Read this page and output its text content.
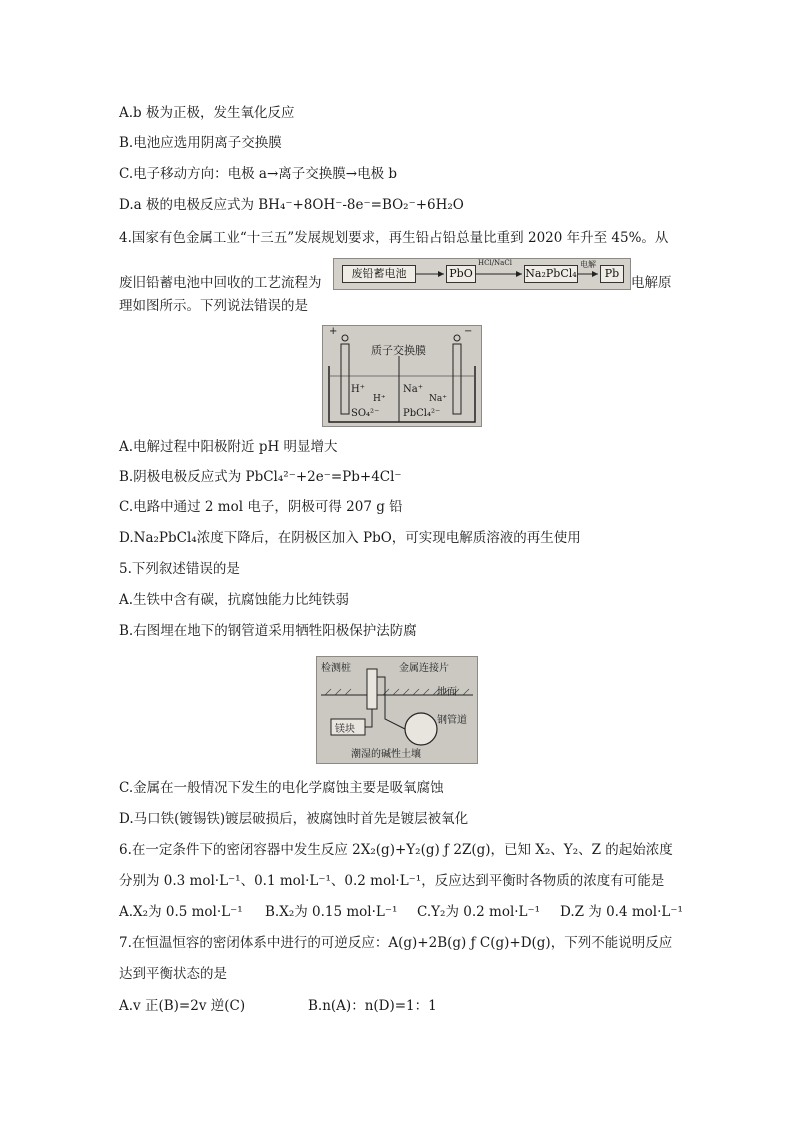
A.b 极为正极，发生氧化反应
B.电池应选用阴离子交换膜
C.电子移动方向：电极 a→离子交换膜→电极 b
D.a 极的电极反应式为 BH₄⁻+8OH⁻-8e⁻=BO₂⁻+6H₂O
4.国家有色金属工业“十三五”发展规划要求，再生铅占铅总量比重到 2020 年升至 45%。从
废旧铅蓄电池中回收的工艺流程为
废铅蓄电池	PbO	Na₂PbCl₄	Pb
HCl/NaCl	电解
电解原
理如图所示。下列说法错误的是
+	−
质子交换膜
H⁺
H⁺
SO₄²⁻
Na⁺
Na⁺
PbCl₄²⁻
A.电解过程中阳极附近 pH 明显增大
B.阴极电极反应式为 PbCl₄²⁻+2e⁻=Pb+4Cl⁻
C.电路中通过 2 mol 电子，阴极可得 207 g 铅
D.Na₂PbCl₄浓度下降后，在阴极区加入 PbO，可实现电解质溶液的再生使用
5.下列叙述错误的是
A.生铁中含有碳，抗腐蚀能力比纯铁弱
B.右图埋在地下的钢管道采用牺牲阳极保护法防腐
检测桩	金属连接片
地面
镁块
钢管道
潮湿的碱性土壤
C.金属在一般情况下发生的电化学腐蚀主要是吸氧腐蚀
D.马口铁(镀锡铁)镀层破损后，被腐蚀时首先是镀层被氧化
6.在一定条件下的密闭容器中发生反应 2X₂(g)+Y₂(g) ƒ 2Z(g)，已知 X₂、Y₂、Z 的起始浓度
分别为 0.3 mol·L⁻¹、0.1 mol·L⁻¹、0.2 mol·L⁻¹，反应达到平衡时各物质的浓度有可能是
A.X₂为 0.5 mol·L⁻¹ B.X₂为 0.15 mol·L⁻¹ C.Y₂为 0.2 mol·L⁻¹ D.Z 为 0.4 mol·L⁻¹
7.在恒温恒容的密闭体系中进行的可逆反应：A(g)+2B(g) ƒ C(g)+D(g)，下列不能说明反应
达到平衡状态的是
A.v 正(B)=2v 逆(C)	B.n(A)：n(D)=1：1
